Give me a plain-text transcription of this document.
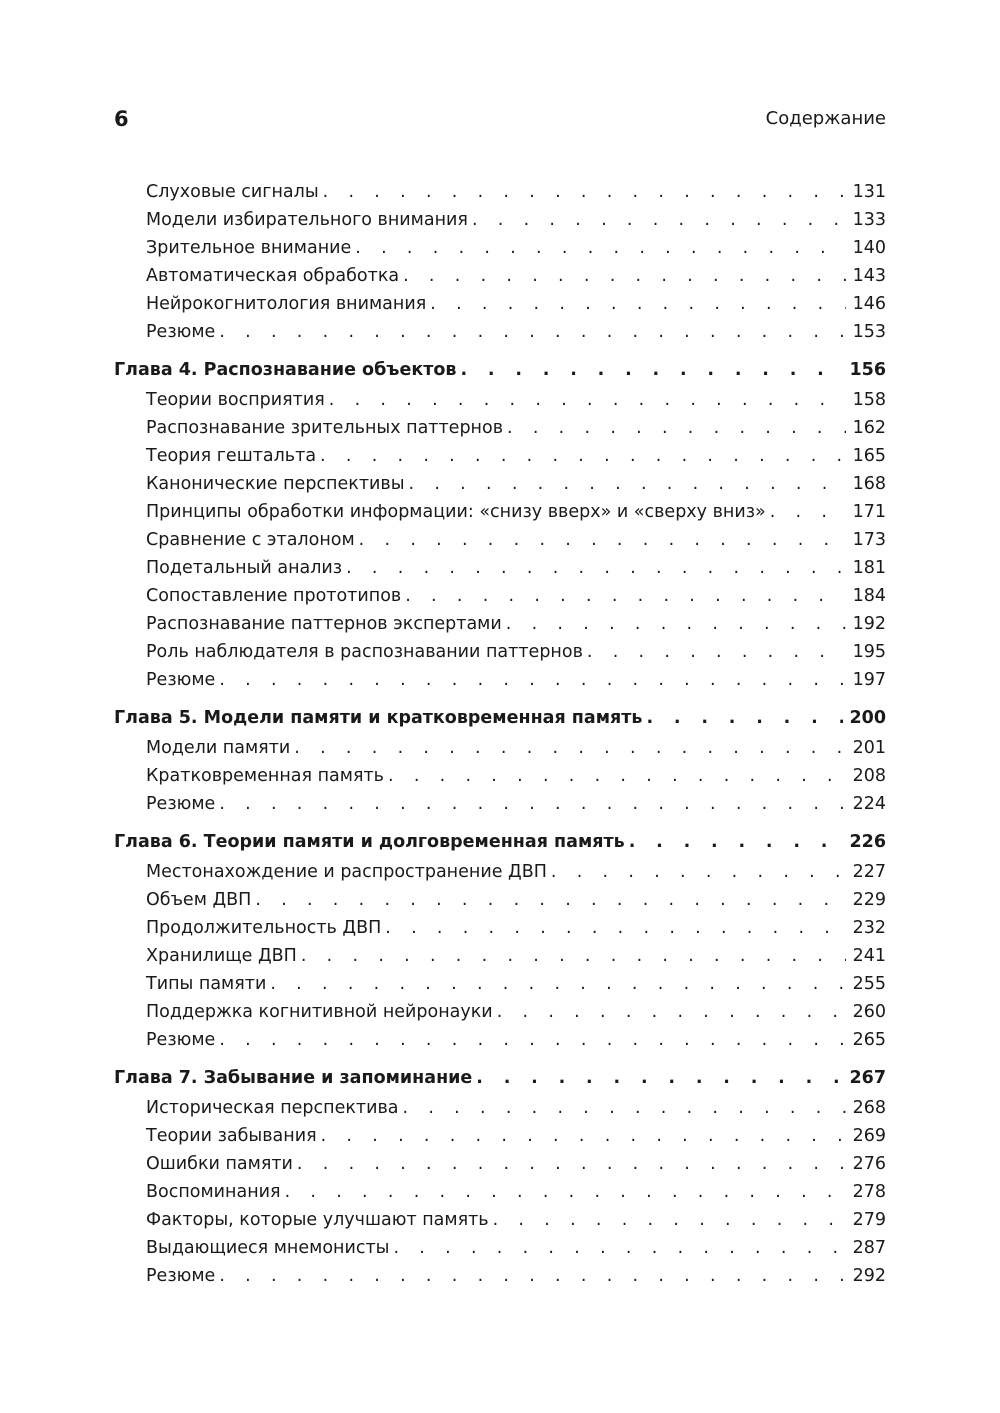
6	Содержание
Слуховые сигналы . . .	131
Модели избирательного внимания . . .	133
Зрительное внимание . . .	140
Автоматическая обработка . . .	143
Нейрокогнитология внимания . . .	146
Резюме . . .	153
Глава 4. Распознавание объектов . . .	156
Теории восприятия . . .	158
Распознавание зрительных паттернов . . .	162
Теория гештальта . . .	165
Канонические перспективы . . .	168
Принципы обработки информации: «снизу вверх» и «сверху вниз» . . .	171
Сравнение с эталоном . . .	173
Подетальный анализ . . .	181
Сопоставление прототипов . . .	184
Распознавание паттернов экспертами . . .	192
Роль наблюдателя в распознавании паттернов . . .	195
Резюме . . .	197
Глава 5. Модели памяти и кратковременная память . . .	200
Модели памяти . . .	201
Кратковременная память . . .	208
Резюме . . .	224
Глава 6. Теории памяти и долговременная память . . .	226
Местонахождение и распространение ДВП . . .	227
Объем ДВП . . .	229
Продолжительность ДВП . . .	232
Хранилище ДВП . . .	241
Типы памяти . . .	255
Поддержка когнитивной нейронауки . . .	260
Резюме . . .	265
Глава 7. Забывание и запоминание . . .	267
Историческая перспектива . . .	268
Теории забывания . . .	269
Ошибки памяти . . .	276
Воспоминания . . .	278
Факторы, которые улучшают память . . .	279
Выдающиеся мнемонисты . . .	287
Резюме . . .	292
